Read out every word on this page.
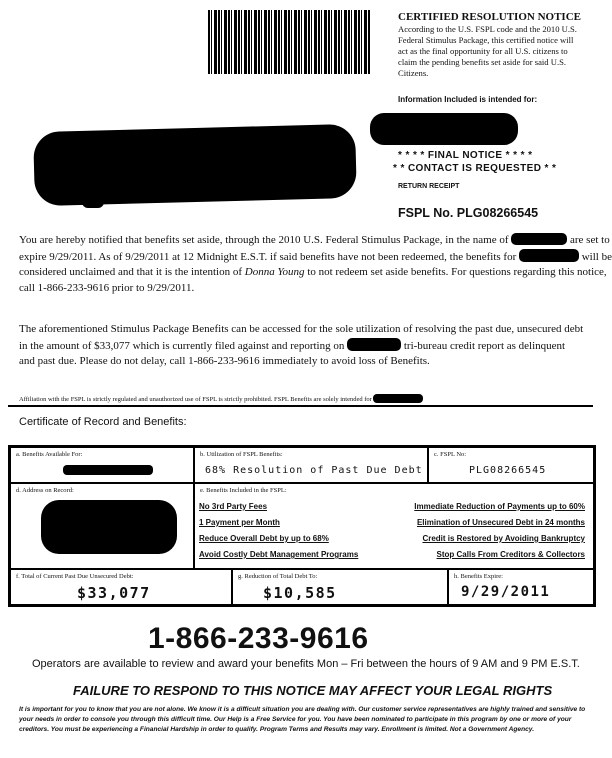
CERTIFIED RESOLUTION NOTICE
According to the U.S. FSPL code and the 2010 U.S. Federal Stimulus Package, this certified notice will act as the final opportunity for all U.S. citizens to claim the pending benefits set aside for said U.S. Citizens.
Information Included is intended for:
* * * * FINAL NOTICE * * * *
* * CONTACT IS REQUESTED * *
RETURN RECEIPT
FSPL No. PLG08266545
You are hereby notified that benefits set aside, through the 2010 U.S. Federal Stimulus Package, in the name of	are set to
expire 9/29/2011. As of 9/29/2011 at 12 Midnight E.S.T. if said benefits have not been redeemed, the benefits for	will be
considered unclaimed and that it is the intention of Donna Young to not redeem set aside benefits. For questions regarding this notice,
call 1-866-233-9616 prior to 9/29/2011.
The aforementioned Stimulus Package Benefits can be accessed for the sole utilization of resolving the past due, unsecured debt
in the amount of $33,077 which is currently filed against and reporting on	tri-bureau credit report as delinquent
and past due. Please do not delay, call 1-866-233-9616 immediately to avoid loss of Benefits.
Affiliation with the FSPL is strictly regulated and unauthorized use of FSPL is strictly prohibited. FSPL Benefits are solely intended for
Certificate of Record and Benefits:
a. Benefits Available For:	b. Utilization of FSPL Benefits:
68% Resolution of Past Due Debt
c. FSPL No:
PLG08266545
d. Address on Record:	e. Benefits Included in the FSPL:
No 3rd Party Fees
1 Payment per Month
Reduce Overall Debt by up to 68%
Avoid Costly Debt Management Programs
Immediate Reduction of Payments up to 60%
Elimination of Unsecured Debt in 24 months
Credit is Restored by Avoiding Bankruptcy
Stop Calls From Creditors & Collectors
f. Total of Current Past Due Unsecured Debt:
$33,077
g. Reduction of Total Debt To:
$10,585
h. Benefits Expire:
9/29/2011
1-866-233-9616
Operators are available to review and award your benefits Mon – Fri between the hours of 9 AM and 9 PM E.S.T.
FAILURE TO RESPOND TO THIS NOTICE MAY AFFECT YOUR LEGAL RIGHTS
It is important for you to know that you are not alone. We know it is a difficult situation you are dealing with. Our customer service representatives are highly trained and sensitive to your needs in order to console you through this difficult time. Our Help is a Free Service for you. You have been nominated to participate in this program by one or more of your creditors. You must be experiencing a Financial Hardship in order to qualify. Program Terms and Results may vary. Enrollment is limited. Not a Government Agency.
